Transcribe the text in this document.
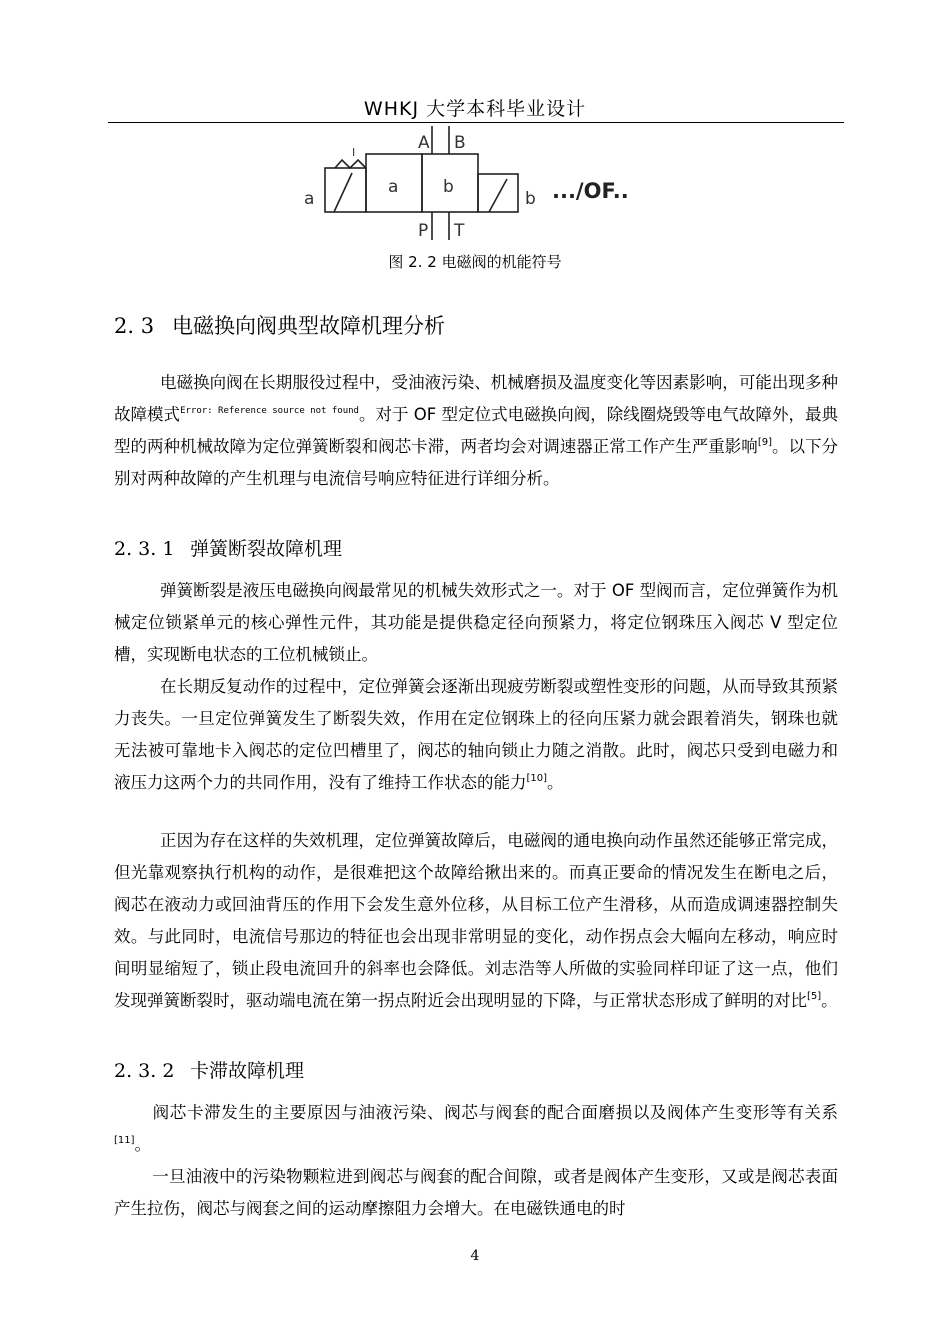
WHKJ 大学本科毕业设计
A B
P T
I
a
a	b
b .../OF..
图 2. 2 电磁阀的机能符号
2. 3 电磁换向阀典型故障机理分析
电磁换向阀在长期服役过程中，受油液污染、机械磨损及温度变化等因素影响，可能出现多种故障模式$^{Error: Reference source not found}$。对于 OF 型定位式电磁换向阀，除线圈烧毁等电气故障外，最典型的两种机械故障为定位弹簧断裂和阀芯卡滞，两者均会对调速器正常工作产生严重影响[9]。以下分别对两种故障的产生机理与电流信号响应特征进行详细分析。
2. 3. 1 弹簧断裂故障机理
弹簧断裂是液压电磁换向阀最常见的机械失效形式之一。对于 OF 型阀而言，定位弹簧作为机械定位锁紧单元的核心弹性元件，其功能是提供稳定径向预紧力，将定位钢珠压入阀芯 V 型定位槽，实现断电状态的工位机械锁止。
在长期反复动作的过程中，定位弹簧会逐渐出现疲劳断裂或塑性变形的问题，从而导致其预紧力丧失。一旦定位弹簧发生了断裂失效，作用在定位钢珠上的径向压紧力就会跟着消失，钢珠也就无法被可靠地卡入阀芯的定位凹槽里了，阀芯的轴向锁止力随之消散。此时，阀芯只受到电磁力和液压力这两个力的共同作用，没有了维持工作状态的能力[10]。
正因为存在这样的失效机理，定位弹簧故障后，电磁阀的通电换向动作虽然还能够正常完成，但光靠观察执行机构的动作，是很难把这个故障给揪出来的。而真正要命的情况发生在断电之后，阀芯在液动力或回油背压的作用下会发生意外位移，从目标工位产生滑移，从而造成调速器控制失效。与此同时，电流信号那边的特征也会出现非常明显的变化，动作拐点会大幅向左移动，响应时间明显缩短了，锁止段电流回升的斜率也会降低。刘志浩等人所做的实验同样印证了这一点，他们发现弹簧断裂时，驱动端电流在第一拐点附近会出现明显的下降，与正常状态形成了鲜明的对比[5]。
2. 3. 2 卡滞故障机理
阀芯卡滞发生的主要原因与油液污染、阀芯与阀套的配合面磨损以及阀体产生变形等有关系[11]。
一旦油液中的污染物颗粒进到阀芯与阀套的配合间隙，或者是阀体产生变形，又或是阀芯表面产生拉伤，阀芯与阀套之间的运动摩擦阻力会增大。在电磁铁通电的时
4
